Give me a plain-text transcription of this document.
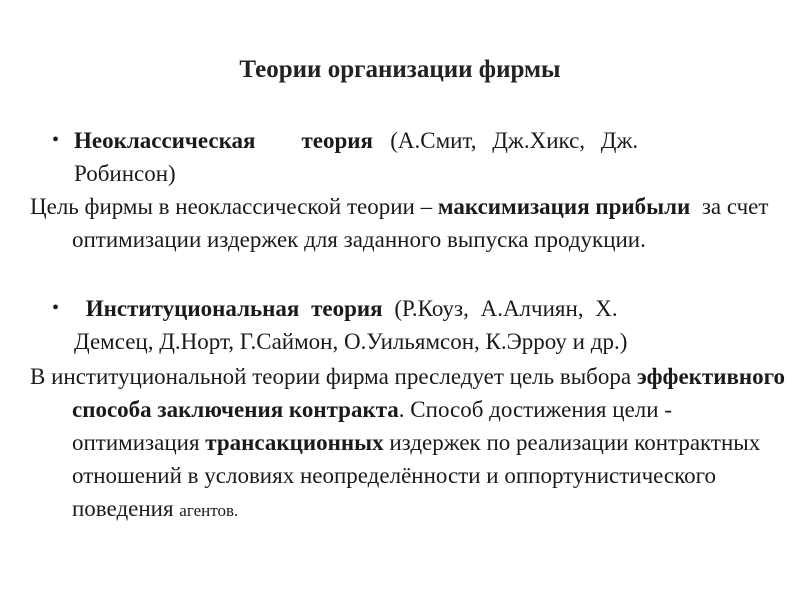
Теории организации фирмы
• Неоклассическая теория (А.Смит, Дж.Хикс, Дж.
Робинсон)
Цель фирмы в неоклассической теории – максимизация прибыли  за счет оптимизации издержек для заданного выпуска продукции.
•	Институциональная теория (Р.Коуз, А.Алчиян, Х.
Демсец, Д.Норт, Г.Саймон, О.Уильямсон, К.Эрроу и др.)
В институциональной теории фирма преследует цель выбора эффективного способа заключения контракта. Способ достижения цели - оптимизация трансакционных издержек по реализации контрактных отношений в условиях неопределённости и оппортунистического поведения агентов.
